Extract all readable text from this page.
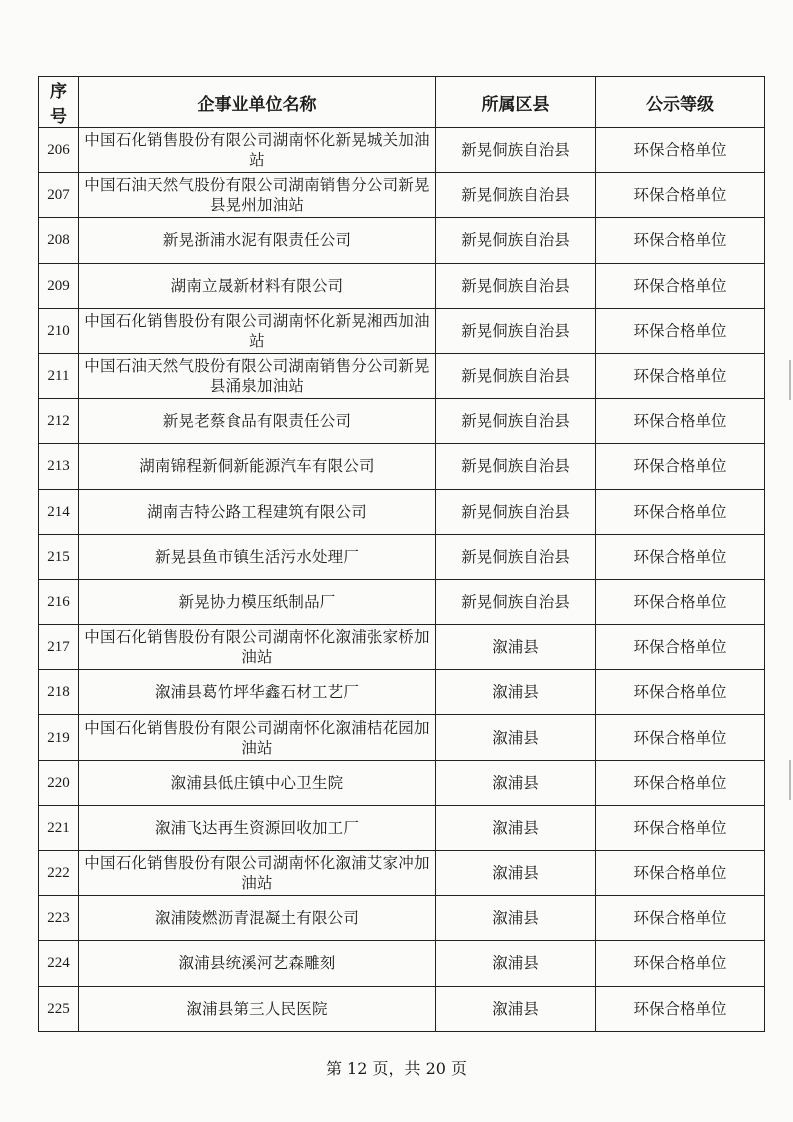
序号	企事业单位名称	所属区县	公示等级
206	中国石化销售股份有限公司湖南怀化新晃城关加油站	新晃侗族自治县	环保合格单位
207	中国石油天然气股份有限公司湖南销售分公司新晃县晃州加油站	新晃侗族自治县	环保合格单位
208	新晃浙浦水泥有限责任公司	新晃侗族自治县	环保合格单位
209	湖南立晟新材料有限公司	新晃侗族自治县	环保合格单位
210	中国石化销售股份有限公司湖南怀化新晃湘西加油站	新晃侗族自治县	环保合格单位
211	中国石油天然气股份有限公司湖南销售分公司新晃县涌泉加油站	新晃侗族自治县	环保合格单位
212	新晃老蔡食品有限责任公司	新晃侗族自治县	环保合格单位
213	湖南锦程新侗新能源汽车有限公司	新晃侗族自治县	环保合格单位
214	湖南吉特公路工程建筑有限公司	新晃侗族自治县	环保合格单位
215	新晃县鱼市镇生活污水处理厂	新晃侗族自治县	环保合格单位
216	新晃协力模压纸制品厂	新晃侗族自治县	环保合格单位
217	中国石化销售股份有限公司湖南怀化溆浦张家桥加油站	溆浦县	环保合格单位
218	溆浦县葛竹坪华鑫石材工艺厂	溆浦县	环保合格单位
219	中国石化销售股份有限公司湖南怀化溆浦桔花园加油站	溆浦县	环保合格单位
220	溆浦县低庄镇中心卫生院	溆浦县	环保合格单位
221	溆浦飞达再生资源回收加工厂	溆浦县	环保合格单位
222	中国石化销售股份有限公司湖南怀化溆浦艾家冲加油站	溆浦县	环保合格单位
223	溆浦陵燃沥青混凝土有限公司	溆浦县	环保合格单位
224	溆浦县统溪河艺森雕刻	溆浦县	环保合格单位
225	溆浦县第三人民医院	溆浦县	环保合格单位
第 12 页，共 20 页
